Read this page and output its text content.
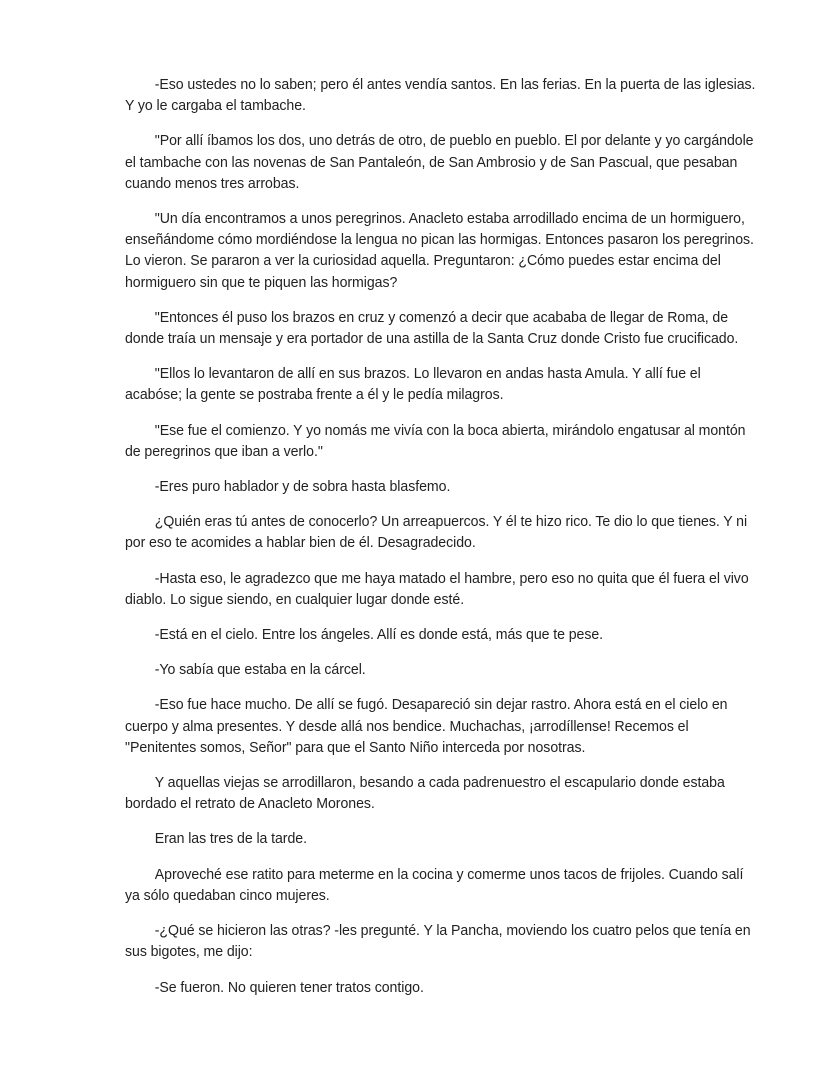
-Eso ustedes no lo saben; pero él antes vendía santos. En las ferias. En la puerta de las iglesias. Y yo le cargaba el tambache.

"Por allí íbamos los dos, uno detrás de otro, de pueblo en pueblo. El por delante y yo cargándole el tambache con las novenas de San Pantaleón, de San Ambrosio y de San Pascual, que pesaban cuando menos tres arrobas.

"Un día encontramos a unos peregrinos. Anacleto estaba arrodillado encima de un hormiguero, enseñándome cómo mordiéndose la lengua no pican las hormigas. Entonces pasaron los peregrinos. Lo vieron. Se pararon a ver la curiosidad aquella. Preguntaron: ¿Cómo puedes estar encima del hormiguero sin que te piquen las hormigas?

"Entonces él puso los brazos en cruz y comenzó a decir que acababa de llegar de Roma, de donde traía un mensaje y era portador de una astilla de la Santa Cruz donde Cristo fue crucificado.

"Ellos lo levantaron de allí en sus brazos. Lo llevaron en andas hasta Amula. Y allí fue el acabóse; la gente se postraba frente a él y le pedía milagros.

"Ese fue el comienzo. Y yo nomás me vivía con la boca abierta, mirándolo engatusar al montón de peregrinos que iban a verlo."

-Eres puro hablador y de sobra hasta blasfemo.

¿Quién eras tú antes de conocerlo? Un arreapuercos. Y él te hizo rico. Te dio lo que tienes. Y ni por eso te acomides a hablar bien de él. Desagradecido.

-Hasta eso, le agradezco que me haya matado el hambre, pero eso no quita que él fuera el vivo diablo. Lo sigue siendo, en cualquier lugar donde esté.

-Está en el cielo. Entre los ángeles. Allí es donde está, más que te pese.

-Yo sabía que estaba en la cárcel.

-Eso fue hace mucho. De allí se fugó. Desapareció sin dejar rastro. Ahora está en el cielo en cuerpo y alma presentes. Y desde allá nos bendice. Muchachas, ¡arrodíllense! Recemos el "Penitentes somos, Señor" para que el Santo Niño interceda por nosotras.

Y aquellas viejas se arrodillaron, besando a cada padrenuestro el escapulario donde estaba bordado el retrato de Anacleto Morones.

Eran las tres de la tarde.

Aproveché ese ratito para meterme en la cocina y comerme unos tacos de frijoles. Cuando salí ya sólo quedaban cinco mujeres.

-¿Qué se hicieron las otras? -les pregunté. Y la Pancha, moviendo los cuatro pelos que tenía en sus bigotes, me dijo:

-Se fueron. No quieren tener tratos contigo.
